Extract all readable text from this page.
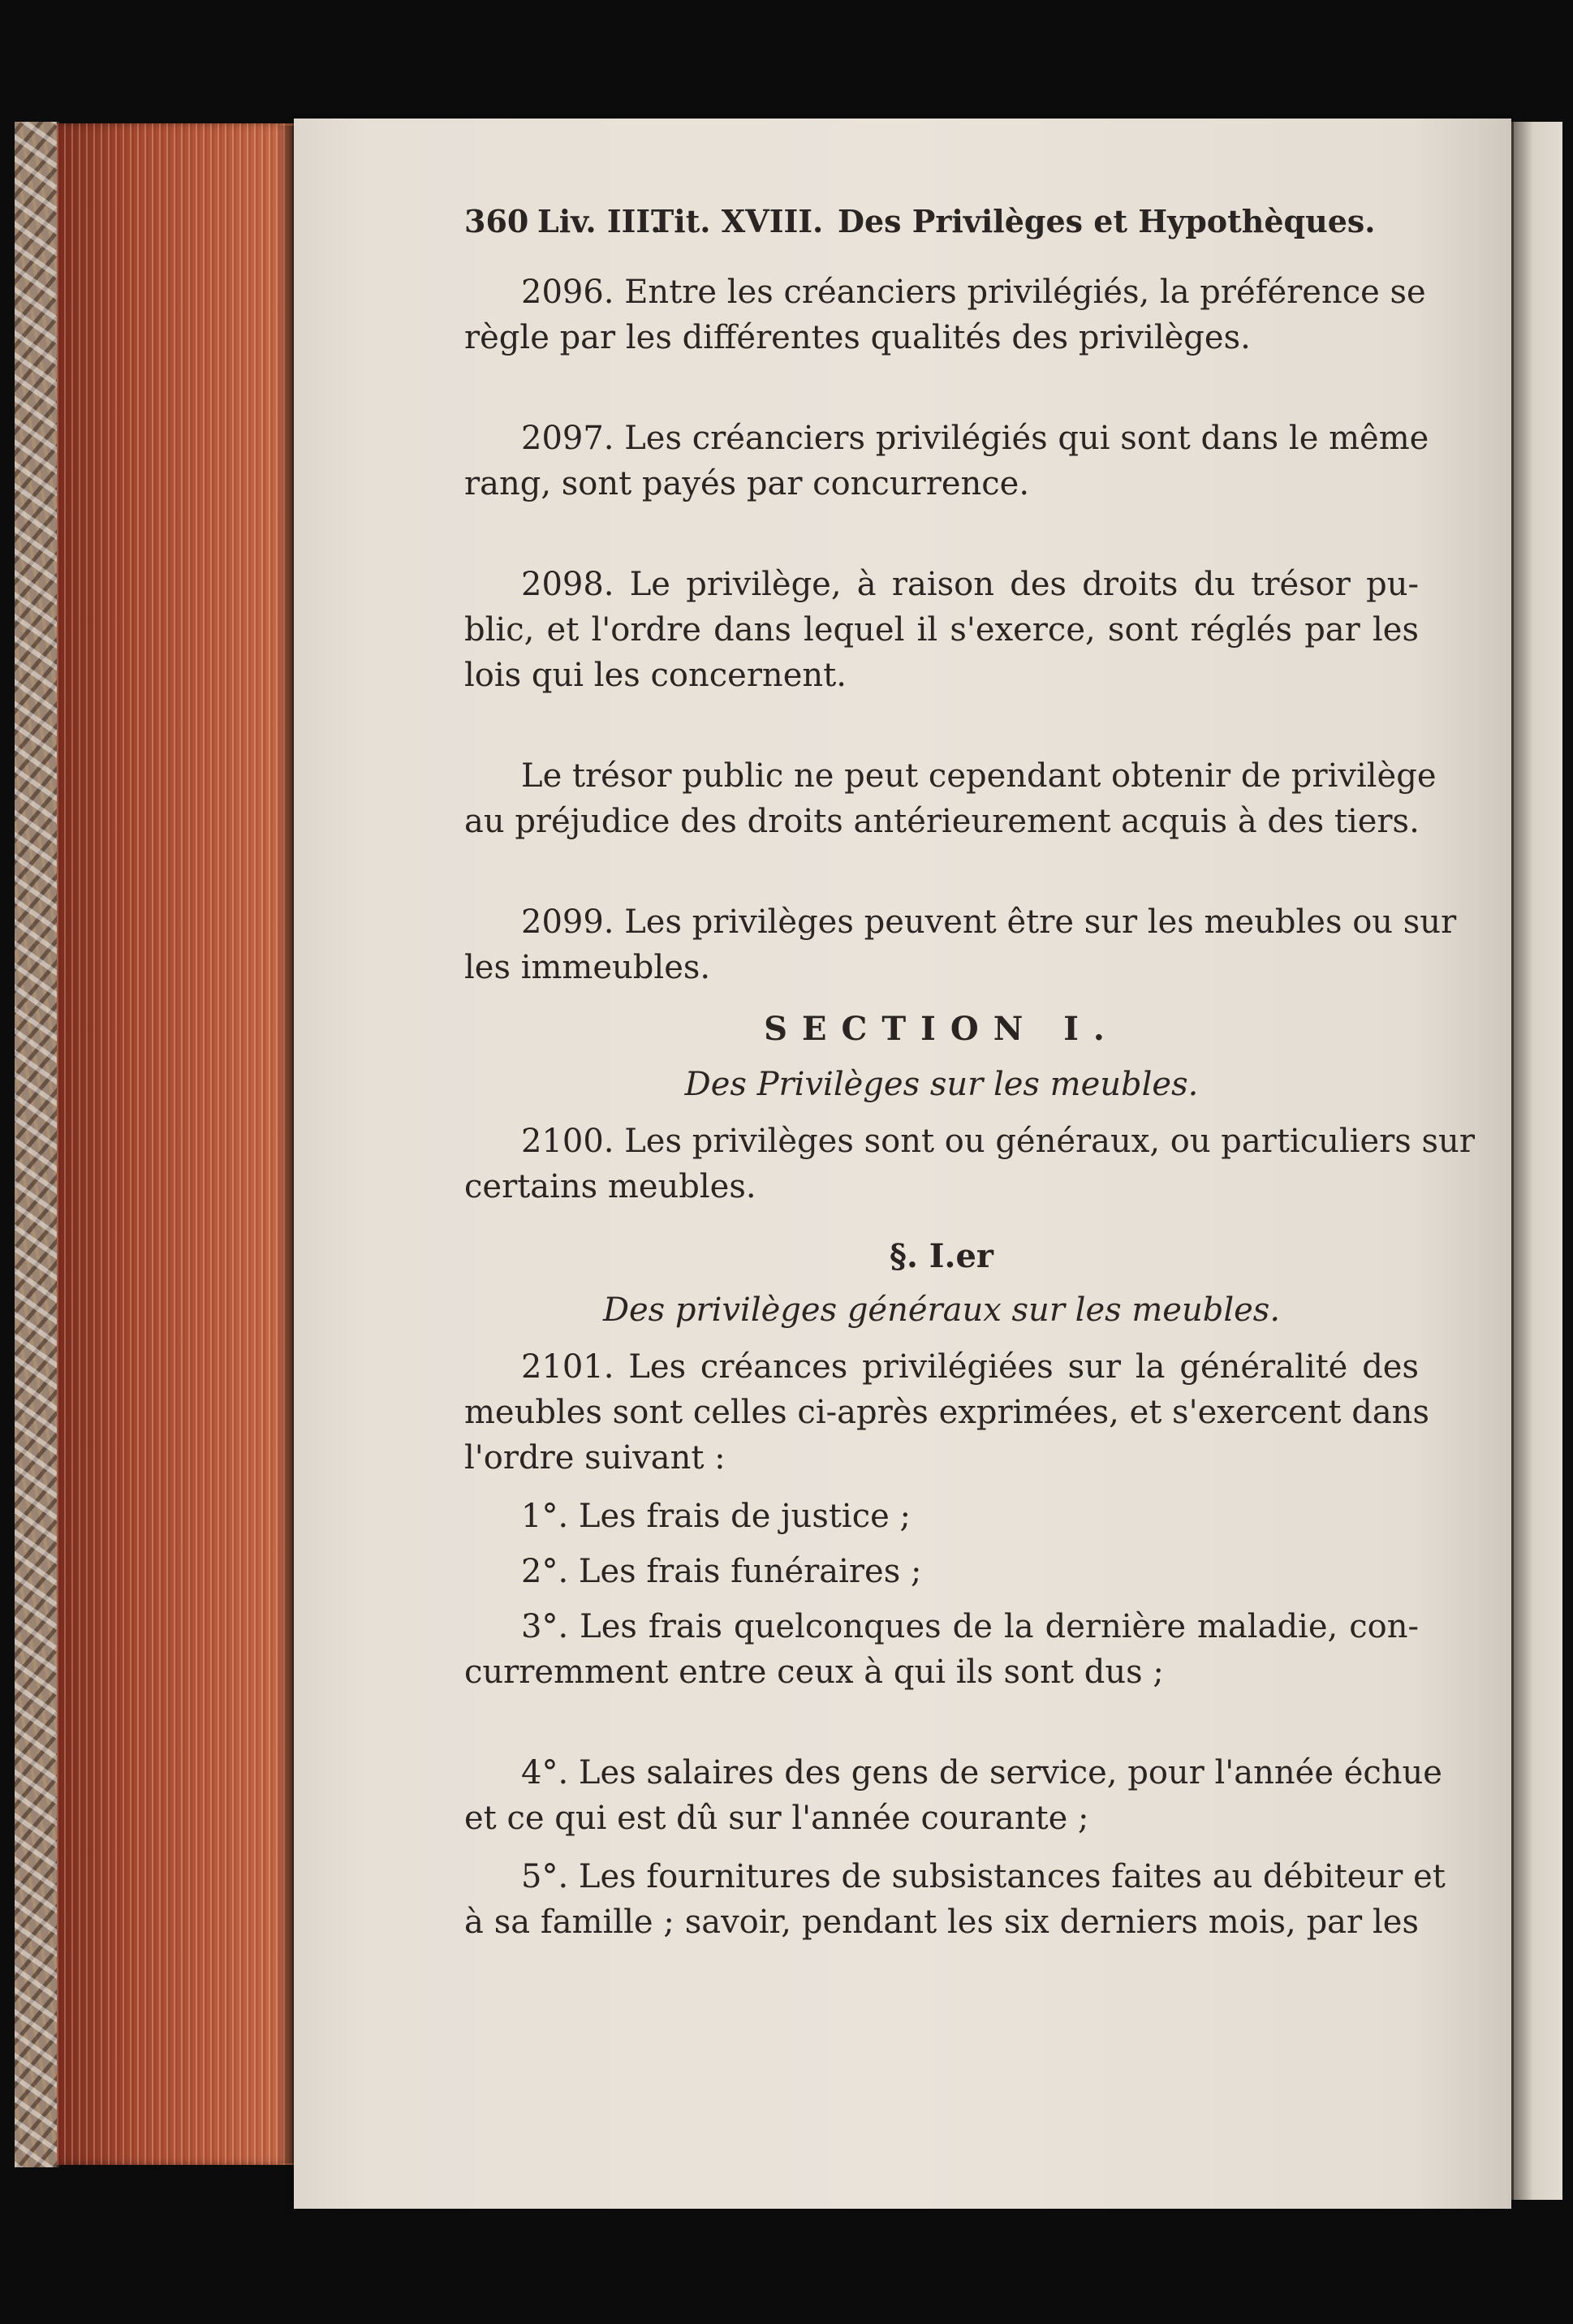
360 Liv. III.Tit. XVIII. Des Privilèges et Hypothèques.
2096. Entre les créanciers privilégiés, la préférence se
règle par les différentes qualités des privilèges.
2097. Les créanciers privilégiés qui sont dans le même
rang, sont payés par concurrence.
2098. Le privilège, à raison des droits du trésor pu-
blic, et l'ordre dans lequel il s'exerce, sont réglés par les
lois qui les concernent.
Le trésor public ne peut cependant obtenir de privilège
au préjudice des droits antérieurement acquis à des tiers.
2099. Les privilèges peuvent être sur les meubles ou sur
les immeubles.
SECTION I.
Des Privilèges sur les meubles.
2100. Les privilèges sont ou généraux, ou particuliers sur
certains meubles.
§. I.er
Des privilèges généraux sur les meubles.
2101. Les créances privilégiées sur la généralité des
meubles sont celles ci-après exprimées, et s'exercent dans
l'ordre suivant :
1°. Les frais de justice ;
2°. Les frais funéraires ;
3°. Les frais quelconques de la dernière maladie, con-
curremment entre ceux à qui ils sont dus ;
4°. Les salaires des gens de service, pour l'année échue
et ce qui est dû sur l'année courante ;
5°. Les fournitures de subsistances faites au débiteur et
à sa famille ; savoir, pendant les six derniers mois, par les
